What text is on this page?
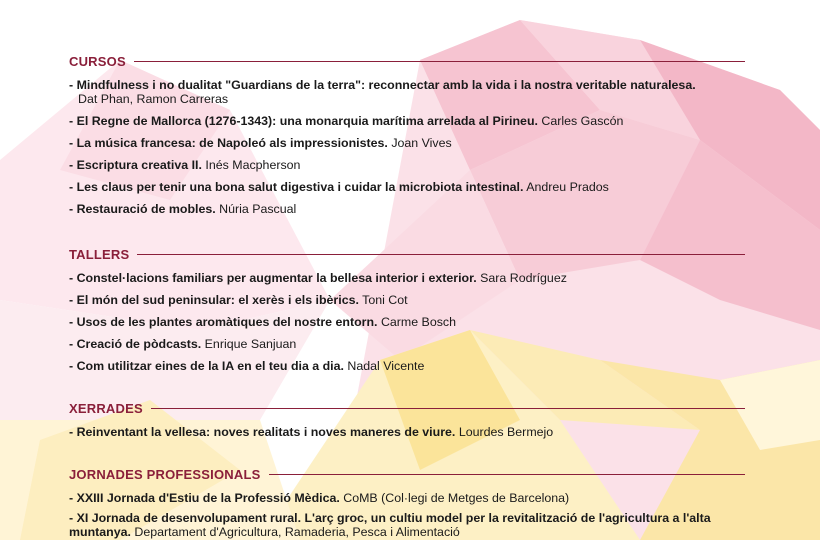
CURSOS
- Mindfulness i no dualitat "Guardians de la terra": reconnectar amb la vida i la nostra veritable naturalesa.
Dat Phan, Ramon Carreras
- El Regne de Mallorca (1276-1343): una monarquia marítima arrelada al Pirineu. Carles Gascón
- La música francesa: de Napoleó als impressionistes. Joan Vives
- Escriptura creativa II. Inés Macpherson
- Les claus per tenir una bona salut digestiva i cuidar la microbiota intestinal. Andreu Prados
- Restauració de mobles. Núria Pascual
TALLERS
- Constel·lacions familiars per augmentar la bellesa interior i exterior. Sara Rodríguez
- El món del sud peninsular: el xerès i els ibèrics. Toni Cot
- Usos de les plantes aromàtiques del nostre entorn. Carme Bosch
- Creació de pòdcasts. Enrique Sanjuan
- Com utilitzar eines de la IA en el teu dia a dia. Nadal Vicente
XERRADES
- Reinventant la vellesa: noves realitats i noves maneres de viure. Lourdes Bermejo
JORNADES PROFESSIONALS
- XXIII Jornada d'Estiu de la Professió Mèdica. CoMB (Col·legi de Metges de Barcelona)
- XI Jornada de desenvolupament rural. L'arç groc, un cultiu model per la revitalització de l'agricultura a l'alta muntanya. Departament d'Agricultura, Ramaderia, Pesca i Alimentació
